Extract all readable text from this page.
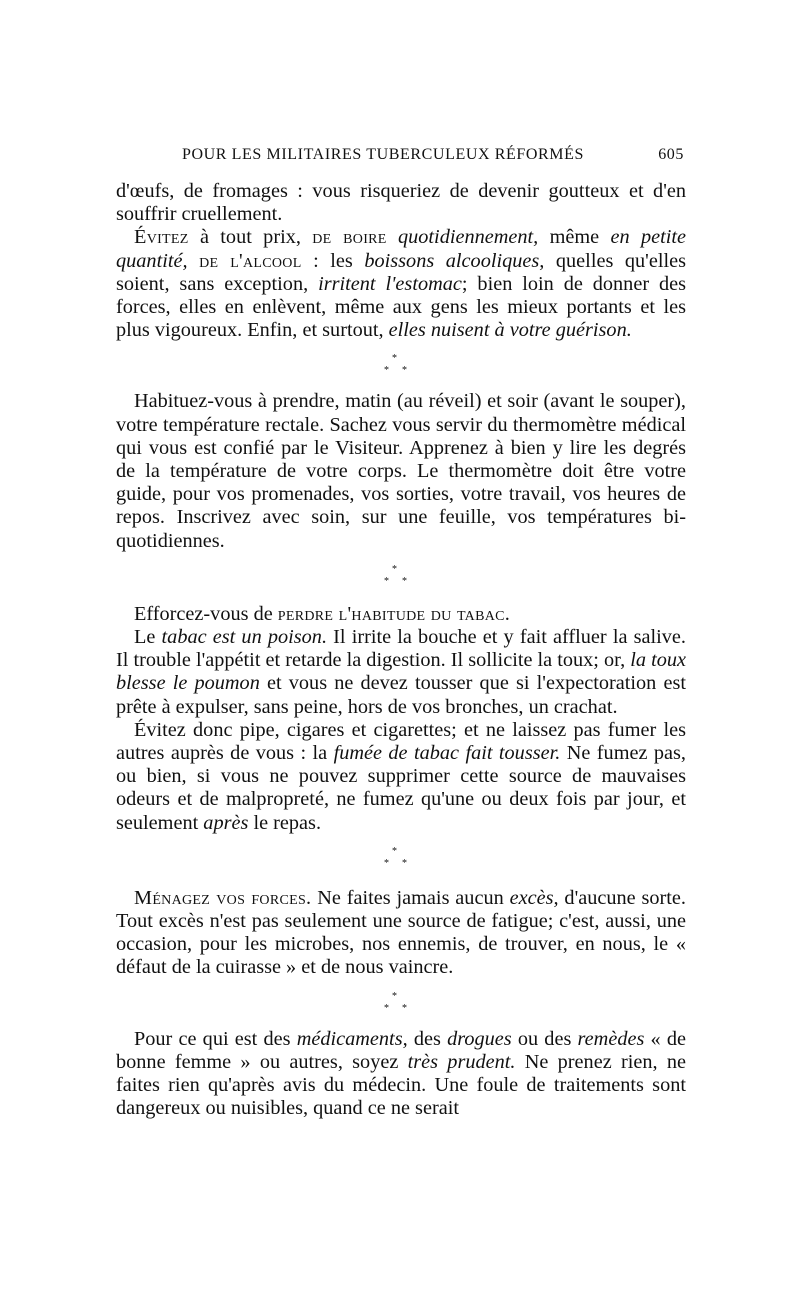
POUR LES MILITAIRES TUBERCULEUX RÉFORMÉS	605

d'œufs, de fromages : vous risqueriez de devenir goutteux et d'en souffrir cruellement.

Évitez à tout prix, de boire quotidiennement, même en petite quantité, de l'alcool : les boissons alcooliques, quelles qu'elles soient, sans exception, irritent l'estomac; bien loin de donner des forces, elles en enlèvent, même aux gens les mieux portants et les plus vigoureux. Enfin, et surtout, elles nuisent à votre guérison.

*
* *

Habituez-vous à prendre, matin (au réveil) et soir (avant le souper), votre température rectale. Sachez vous servir du thermomètre médical qui vous est confié par le Visiteur. Apprenez à bien y lire les degrés de la température de votre corps. Le thermomètre doit être votre guide, pour vos promenades, vos sorties, votre travail, vos heures de repos. Inscrivez avec soin, sur une feuille, vos températures bi-quotidiennes.

*
* *

Efforcez-vous de perdre l'habitude du tabac.

Le tabac est un poison. Il irrite la bouche et y fait affluer la salive. Il trouble l'appétit et retarde la digestion. Il sollicite la toux; or, la toux blesse le poumon et vous ne devez tousser que si l'expectoration est prête à expulser, sans peine, hors de vos bronches, un crachat.

Évitez donc pipe, cigares et cigarettes; et ne laissez pas fumer les autres auprès de vous : la fumée de tabac fait tousser. Ne fumez pas, ou bien, si vous ne pouvez supprimer cette source de mauvaises odeurs et de malpropreté, ne fumez qu'une ou deux fois par jour, et seulement après le repas.

*
* *

Ménagez vos forces. Ne faites jamais aucun excès, d'aucune sorte. Tout excès n'est pas seulement une source de fatigue; c'est, aussi, une occasion, pour les microbes, nos ennemis, de trouver, en nous, le « défaut de la cuirasse » et de nous vaincre.

*
* *

Pour ce qui est des médicaments, des drogues ou des remèdes « de bonne femme » ou autres, soyez très prudent. Ne prenez rien, ne faites rien qu'après avis du médecin. Une foule de traitements sont dangereux ou nuisibles, quand ce ne serait
